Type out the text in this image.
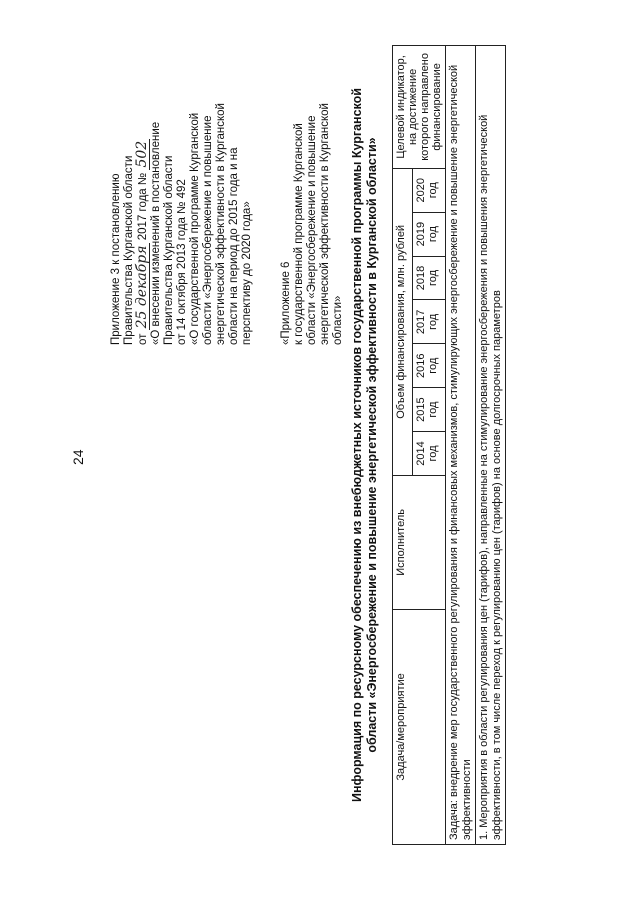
24
Приложение 3 к постановлению Правительства Курганской области от 25 декабря 2017 года № 502 «О внесении изменений в постановление Правительства Курганской области от 14 октября 2013 года № 492 «О государственной программе Курганской области «Энергосбережение и повышение энергетической эффективности в Курганской области на период до 2015 года и на перспективу до 2020 года» «Приложение 6 к государственной программе Курганской области «Энергосбережение и повышение энергетической эффективности в Курганской области» Информация по ресурсному обеспечению из внебюджетных источников государственной программы Курганской области «Энергосбережение и повышение энергетической эффективности в Курганской области» Задача/мероприятие	Исполнитель	Объем финансирования, млн. рублей							Целевой индикатор, на достижение которого направлено финансирование
		2014 год	2015 год	2016 год	2017 год	2018 год	2019 год	2020 год	
Задача: внедрение мер государственного регулирования и финансовых механизмов, стимулирующих энергосбережение и повышение энергетической эффективности									
1. Мероприятия в области регулирования цен (тарифов), направленные на стимулирование энергосбережения и повышения энергетической эффективности, в том числе переход к регулированию цен (тарифов) на основе долгосрочных параметров									
